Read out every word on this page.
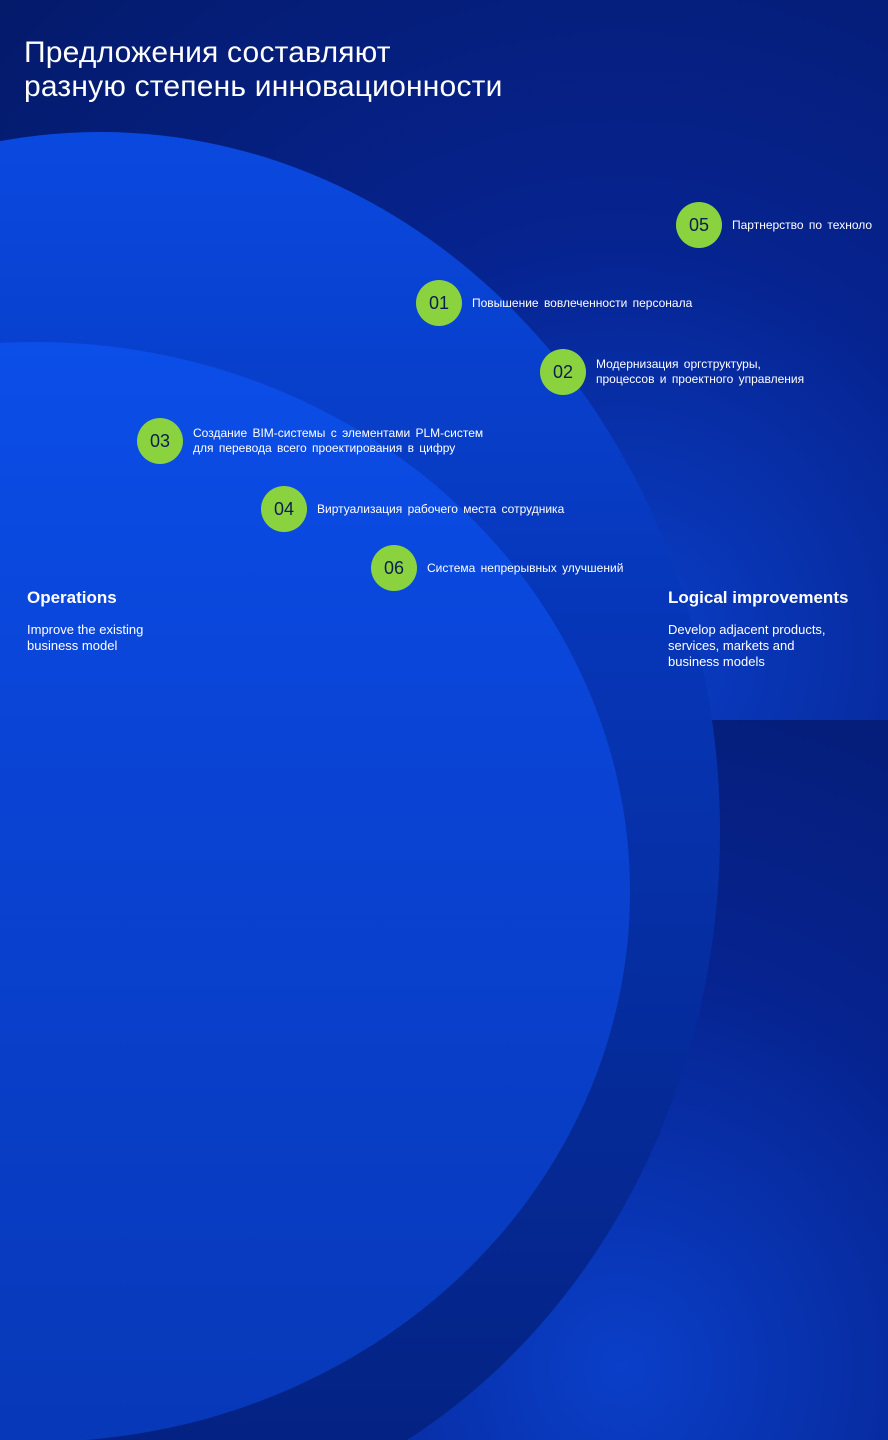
Предложения составляют
разную степень инновационности
05	Партнерство по техноло
01	Повышение вовлеченности персонала
02	Модернизация оргструктуры,
процессов и проектного управления
03	Создание BIM-системы с элементами PLM-систем
для перевода всего проектирования в цифру
04	Виртуализация рабочего места сотрудника
06	Система непрерывных улучшений
Operations

Improve the existing
business model

Logical improvements

Develop adjacent products,
services, markets and
business models
